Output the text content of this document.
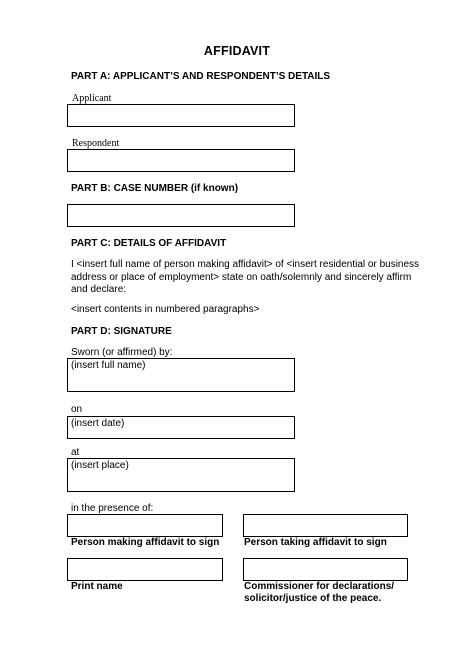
AFFIDAVIT
PART A: APPLICANT’S AND RESPONDENT’S DETAILS
Applicant
Respondent
PART B: CASE NUMBER (if known)
PART C: DETAILS OF AFFIDAVIT
I <insert full name of person making affidavit> of <insert residential or business address or place of employment> state on oath/solemnly and sincerely affirm and declare:
<insert contents in numbered paragraphs>
PART D: SIGNATURE
Sworn (or affirmed) by:
(insert full name)
on
(insert date)
at
(insert place)
in the presence of:
Person making affidavit to sign Person taking affidavit to sign
Print name	Commissioner for declarations/
solicitor/justice of the peace.
